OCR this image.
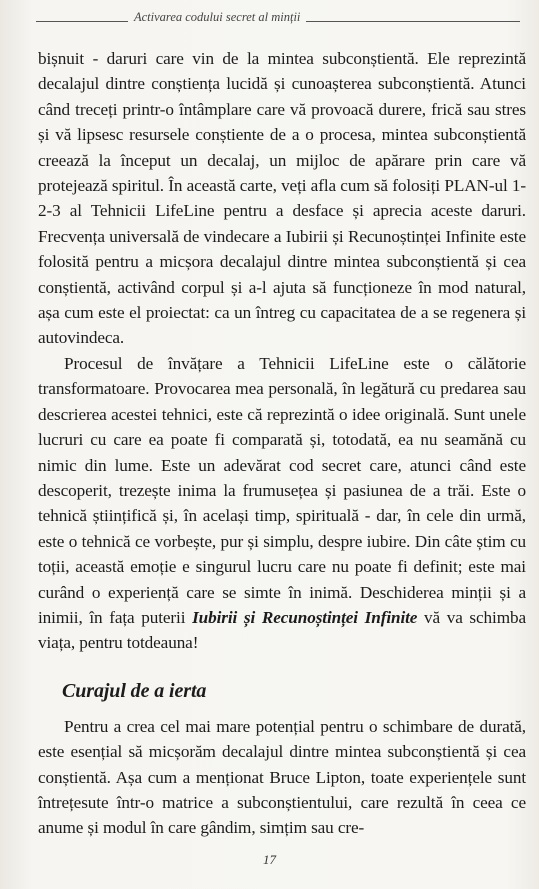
Activarea codului secret al minții

bișnuit - daruri care vin de la mintea subconștientă. Ele reprezintă decalajul dintre conștiența lucidă și cunoașterea subconștientă. Atunci când treceți printr-o întâmplare care vă provoacă durere, frică sau stres și vă lipsesc resursele conștiente de a o procesa, mintea subconștientă creează la început un decalaj, un mijloc de apărare prin care vă protejează spiritul. În această carte, veți afla cum să folosiți PLAN-ul 1-2-3 al Tehnicii LifeLine pentru a desface și aprecia aceste daruri. Frecvența universală de vindecare a Iubirii și Recunoștinței Infinite este folosită pentru a micșora decalajul dintre mintea subconștientă și cea conștientă, activând corpul și a-l ajuta să funcționeze în mod natural, așa cum este el proiectat: ca un întreg cu capacitatea de a se regenera și autovindeca.

Procesul de învățare a Tehnicii LifeLine este o călătorie transformatoare. Provocarea mea personală, în legătură cu predarea sau descrierea acestei tehnici, este că reprezintă o idee originală. Sunt unele lucruri cu care ea poate fi comparată și, totodată, ea nu seamănă cu nimic din lume. Este un adevărat cod secret care, atunci când este descoperit, trezește inima la frumusețea și pasiunea de a trăi. Este o tehnică științifică și, în același timp, spirituală - dar, în cele din urmă, este o tehnică ce vorbește, pur și simplu, despre iubire. Din câte știm cu toții, această emoție e singurul lucru care nu poate fi definit; este mai curând o experiență care se simte în inimă. Deschiderea minții și a inimii, în fața puterii Iubirii și Recunoștinței Infinite vă va schimba viața, pentru totdeauna!

Curajul de a ierta

Pentru a crea cel mai mare potențial pentru o schimbare de durată, este esențial să micșorăm decalajul dintre mintea subconștientă și cea conștientă. Așa cum a menționat Bruce Lipton, toate experiențele sunt întrețesute într-o matrice a subconștientului, care rezultă în ceea ce anume și modul în care gândim, simțim sau cre-

17
